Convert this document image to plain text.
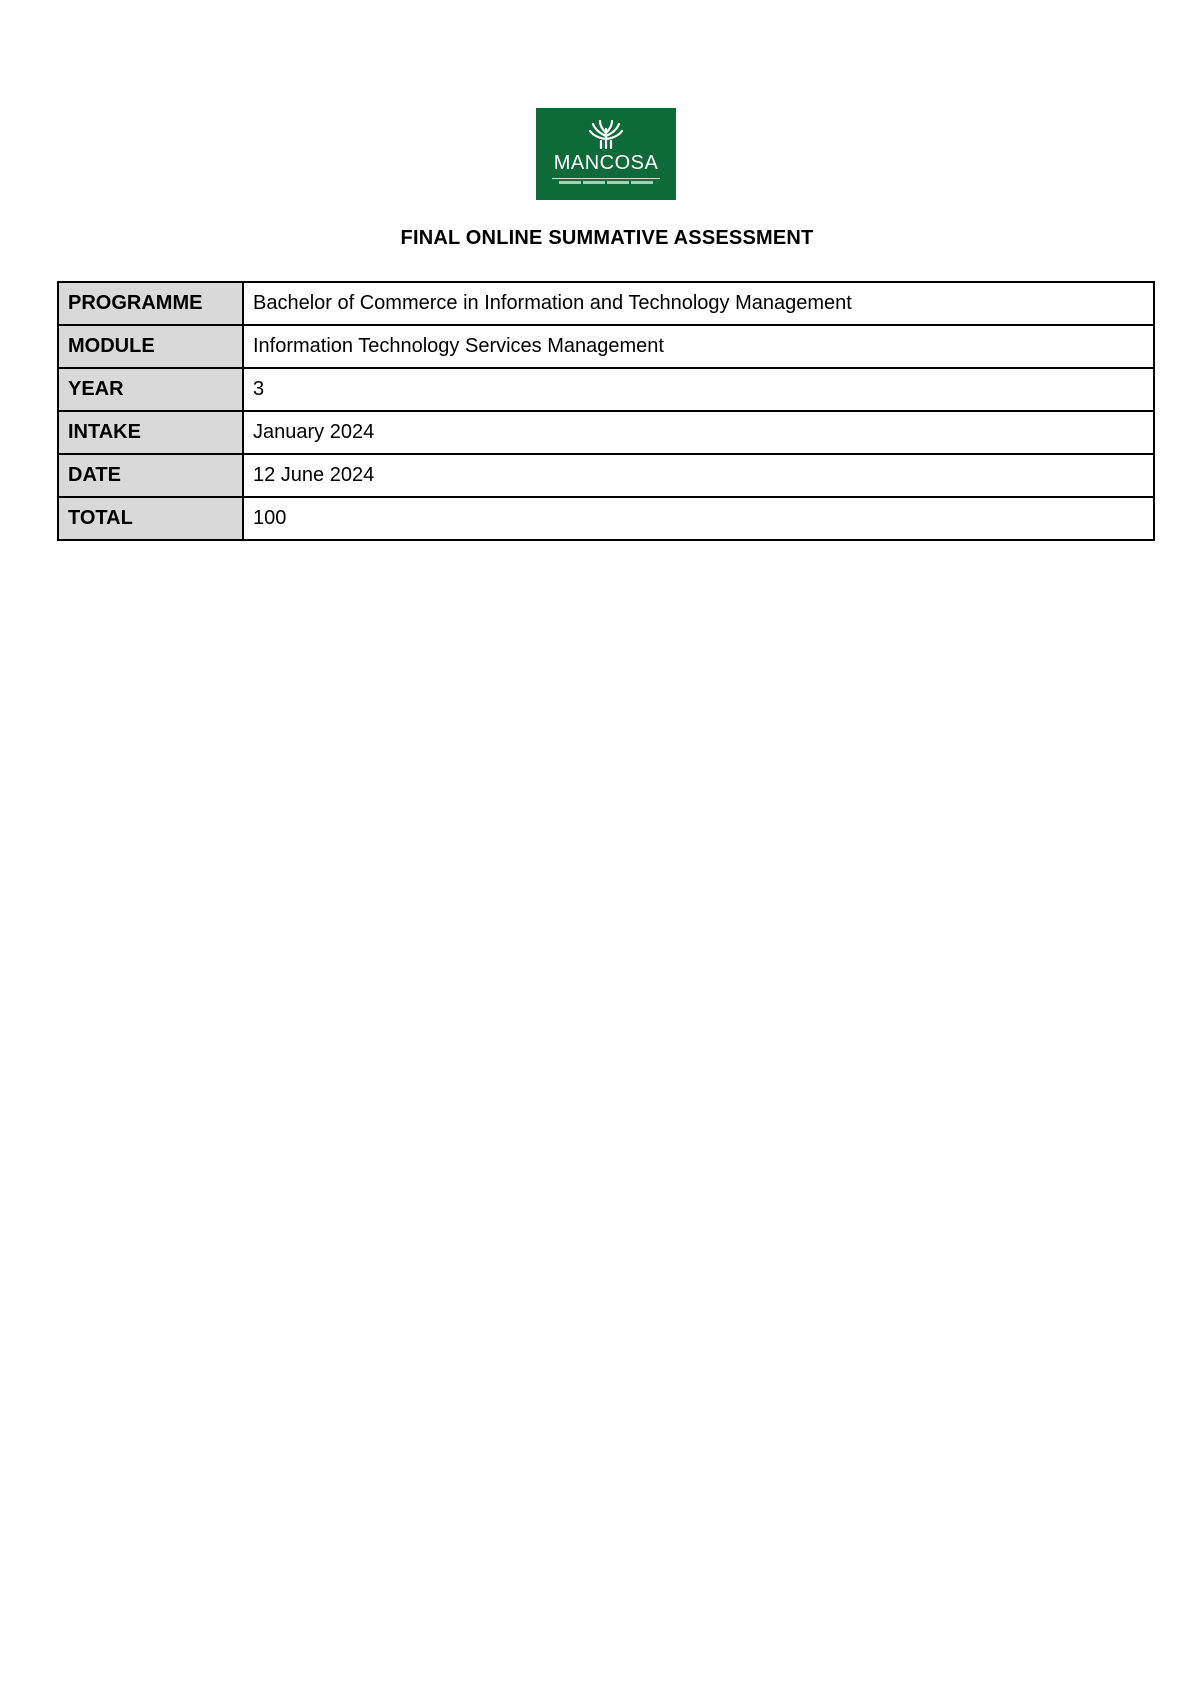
MANCOSA
FINAL ONLINE SUMMATIVE ASSESSMENT
PROGRAMME	Bachelor of Commerce in Information and Technology Management
MODULE	Information Technology Services Management
YEAR	3
INTAKE	January 2024
DATE	12 June 2024
TOTAL	100
